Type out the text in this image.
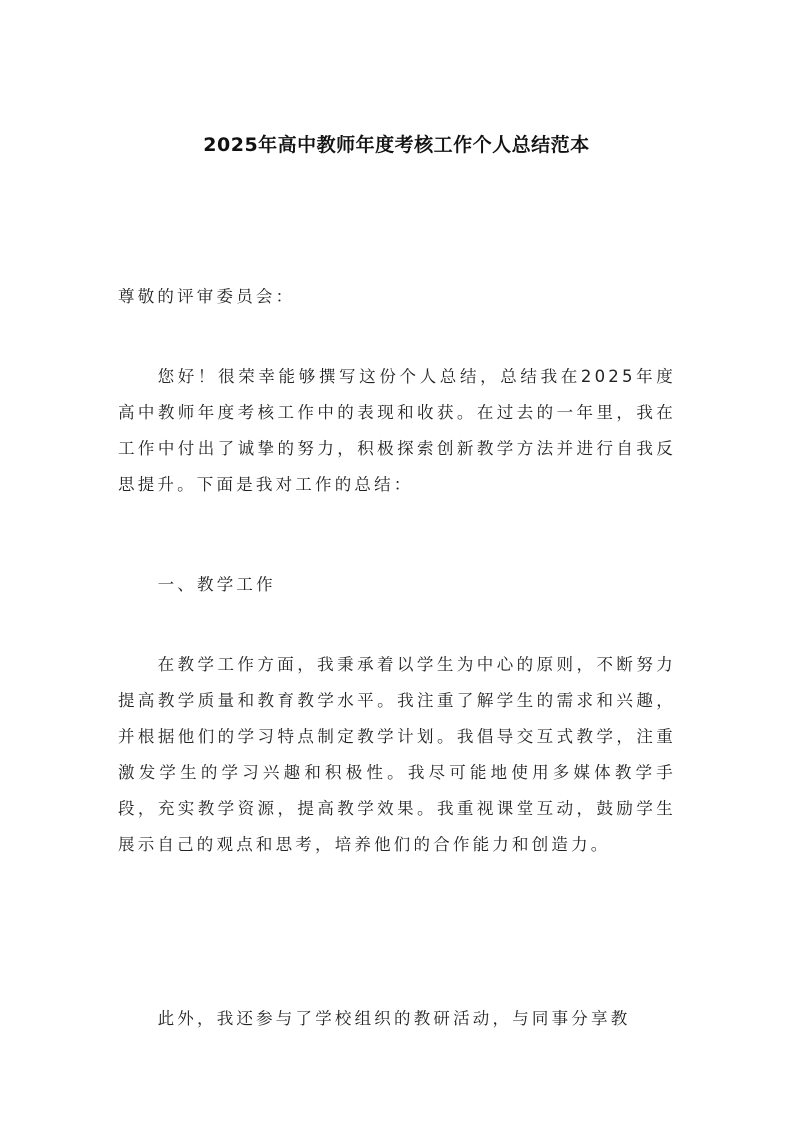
2025年高中教师年度考核工作个人总结范本
尊敬的评审委员会：
您好！很荣幸能够撰写这份个人总结，总结我在2025年度高中教师年度考核工作中的表现和收获。在过去的一年里，我在工作中付出了诚挚的努力，积极探索创新教学方法并进行自我反思提升。下面是我对工作的总结：
一、教学工作
在教学工作方面，我秉承着以学生为中心的原则，不断努力提高教学质量和教育教学水平。我注重了解学生的需求和兴趣，并根据他们的学习特点制定教学计划。我倡导交互式教学，注重激发学生的学习兴趣和积极性。我尽可能地使用多媒体教学手段，充实教学资源，提高教学效果。我重视课堂互动，鼓励学生展示自己的观点和思考，培养他们的合作能力和创造力。
此外，我还参与了学校组织的教研活动，与同事分享教
